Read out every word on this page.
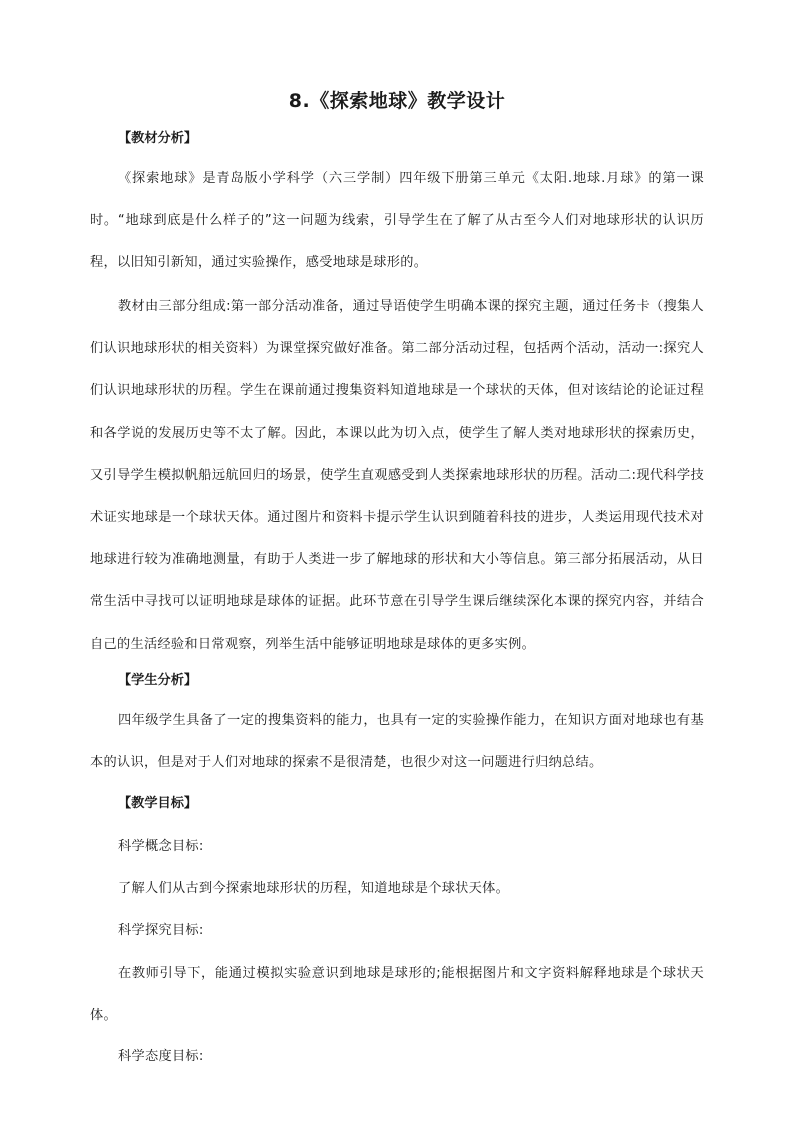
8.《探索地球》教学设计
【教材分析】
《探索地球》是青岛版小学科学（六三学制）四年级下册第三单元《太阳.地球.月球》的第一课时。“地球到底是什么样子的”这一问题为线索，引导学生在了解了从古至今人们对地球形状的认识历程，以旧知引新知，通过实验操作，感受地球是球形的。
教材由三部分组成:第一部分活动准备，通过导语使学生明确本课的探究主题，通过任务卡（搜集人们认识地球形状的相关资料）为课堂探究做好准备。第二部分活动过程，包括两个活动，活动一:探究人们认识地球形状的历程。学生在课前通过搜集资料知道地球是一个球状的天体，但对该结论的论证过程和各学说的发展历史等不太了解。因此，本课以此为切入点，使学生了解人类对地球形状的探索历史，又引导学生模拟帆船远航回归的场景，使学生直观感受到人类探索地球形状的历程。活动二:现代科学技术证实地球是一个球状天体。通过图片和资料卡提示学生认识到随着科技的进步，人类运用现代技术对地球进行较为准确地测量，有助于人类进一步了解地球的形状和大小等信息。第三部分拓展活动，从日常生活中寻找可以证明地球是球体的证据。此环节意在引导学生课后继续深化本课的探究内容，并结合自己的生活经验和日常观察，列举生活中能够证明地球是球体的更多实例。
【学生分析】
四年级学生具备了一定的搜集资料的能力，也具有一定的实验操作能力，在知识方面对地球也有基本的认识，但是对于人们对地球的探索不是很清楚，也很少对这一问题进行归纳总结。
【教学目标】
科学概念目标:
了解人们从古到今探索地球形状的历程，知道地球是个球状天体。
科学探究目标:
在教师引导下，能通过模拟实验意识到地球是球形的;能根据图片和文字资料解释地球是个球状天体。
科学态度目标:
